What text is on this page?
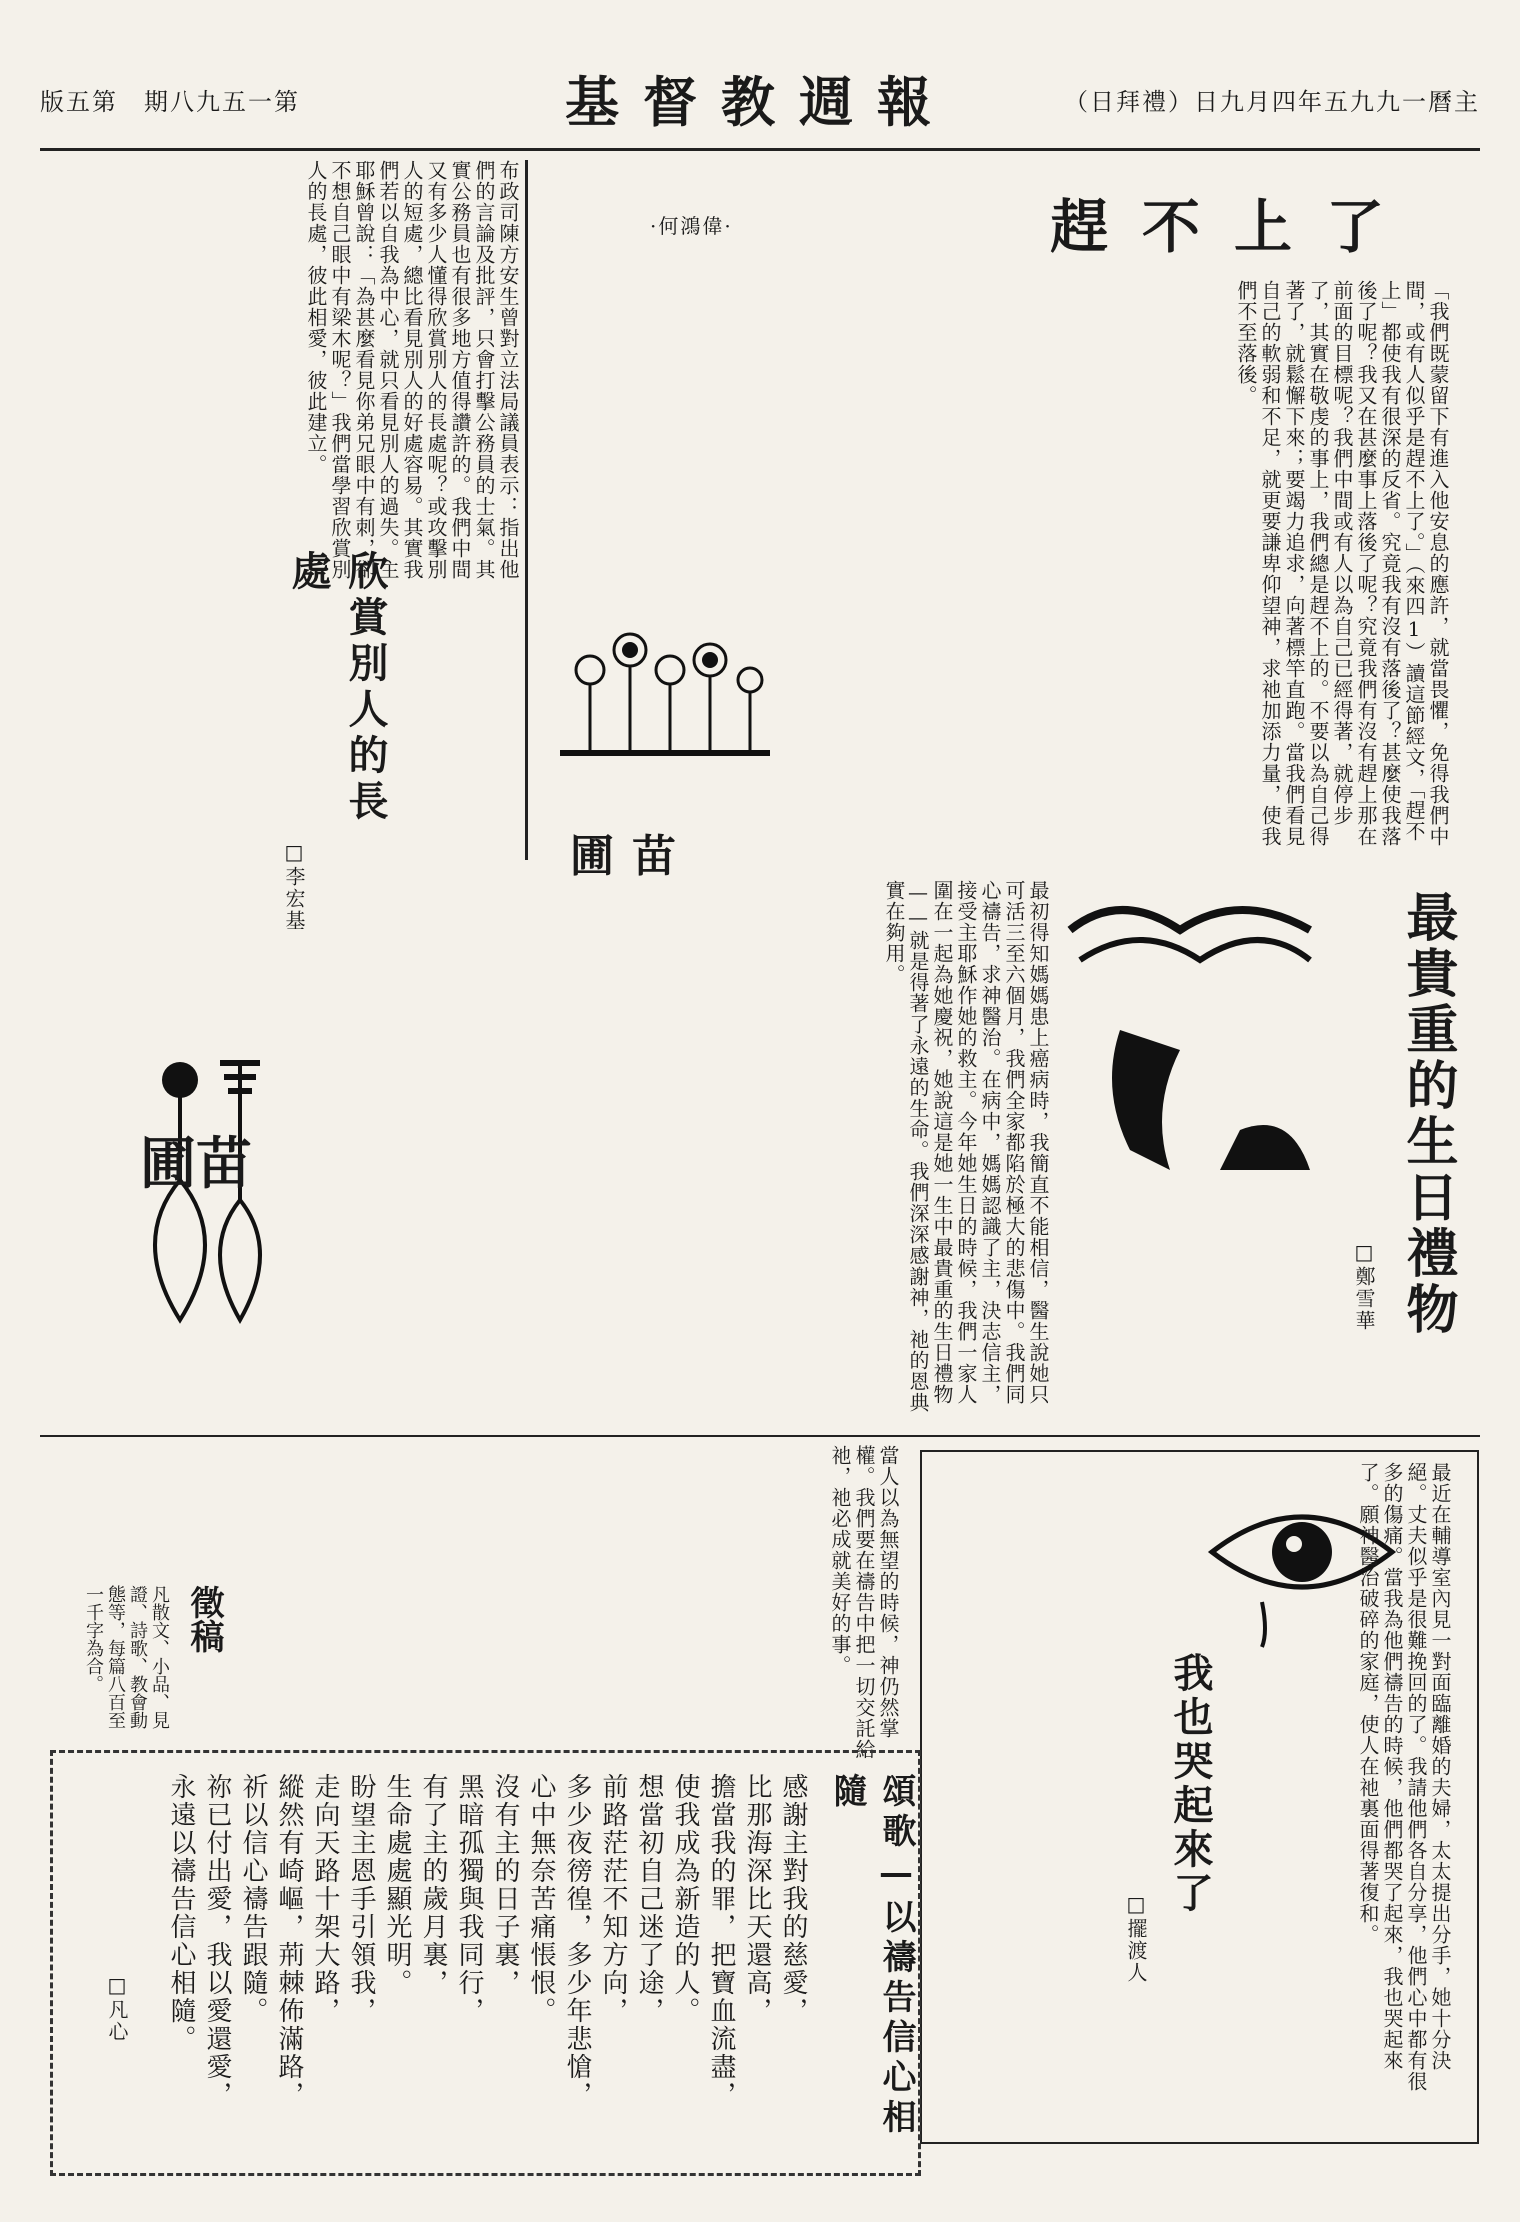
版五第　期八九五一第	基督教週報	（日拜禮）日九月四年五九九一曆主
趕不上了
·何鴻偉·
「我們既蒙留下有進入他安息的應許，就當畏懼，免得我們中間，或有人似乎是趕不上了。」（來四1）讀這節經文，「趕不上」都使我有很深的反省。究竟我有沒有落後了？甚麼使我落後了呢？我又在甚麼事上落後了呢？究竟我們有沒有趕上那在前面的目標呢？我們中間或有人以為自己已經得著，就停步了，其實在敬虔的事上，我們總是趕不上的。不要以為自己得著了，就鬆懈下來；要竭力追求，向著標竿直跑。當我們看見自己的軟弱和不足，就更要謙卑仰望神，求祂加添力量，使我們不至落後。
圃苗
布政司陳方安生曾對立法局議員表示：指出他們的言論及批評，只會打擊公務員的士氣。其實公務員也有很多地方值得讚許的。我們中間又有多少人懂得欣賞別人的長處呢？或攻擊別人的短處，總比看見別人的好處容易。其實我們若以自我為中心，就只看見別人的過失。主耶穌曾說：「為甚麼看見你弟兄眼中有刺，卻不想自己眼中有梁木呢？」我們當學習欣賞別人的長處，彼此相愛，彼此建立。
欣賞別人的長處
□李宏基
圃苗	最貴重的生日禮物
□鄭雪華
最初得知媽媽患上癌病時，我簡直不能相信，醫生說她只可活三至六個月，我們全家都陷於極大的悲傷中。我們同心禱告，求神醫治。在病中，媽媽認識了主，決志信主，接受主耶穌作她的救主。今年她生日的時候，我們一家人圍在一起為她慶祝，她說這是她一生中最貴重的生日禮物——就是得著了永遠的生命。我們深深感謝神，祂的恩典實在夠用。
當人以為無望的時候，神仍然掌權。我們要在禱告中把一切交託給祂，祂必成就美好的事。
我也哭起來了
□擺渡人	最近在輔導室內見一對面臨離婚的夫婦，太太提出分手，她十分決絕。丈夫似乎是很難挽回的了。我請他們各自分享，他們心中都有很多的傷痛。當我為他們禱告的時候，他們都哭了起來，我也哭起來了。願神醫治破碎的家庭，使人在祂裏面得著復和。
徵稿
凡散文、小品、見證、詩歌、教會動態等，每篇八百至一千字為合。
頌歌—以禱告信心相隨
□凡心	感謝主對我的慈愛，
比那海深比天還高，
擔當我的罪，把寶血流盡，
使我成為新造的人。
想當初自己迷了途，
前路茫茫不知方向，
多少夜徬徨，多少年悲愴，
心中無奈苦痛悵恨。
沒有主的日子裏，
黑暗孤獨與我同行，
有了主的歲月裏，
生命處處顯光明。
盼望主恩手引領我，
走向天路十架大路，
縱然有崎嶇，荊棘佈滿路，
祈以信心禱告跟隨。
祢已付出愛，我以愛還愛，
永遠以禱告信心相隨。
